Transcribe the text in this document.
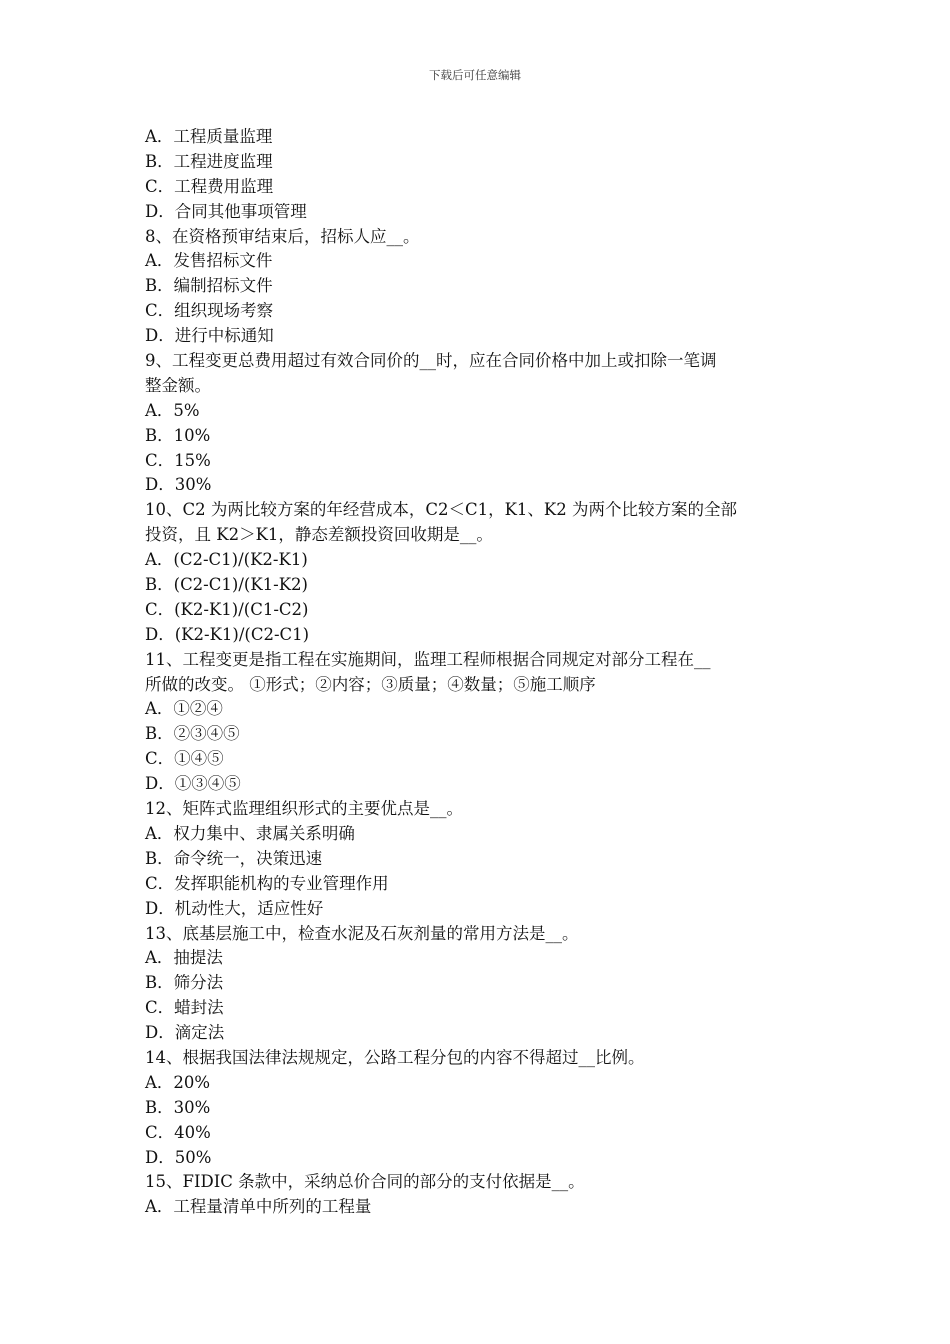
下载后可任意编辑
A．工程质量监理
B．工程进度监理
C．工程费用监理
D．合同其他事项管理
8、在资格预审结束后，招标人应__。
A．发售招标文件
B．编制招标文件
C．组织现场考察
D．进行中标通知
9、工程变更总费用超过有效合同价的__时，应在合同价格中加上或扣除一笔调
整金额。
A．5%
B．10%
C．15%
D．30%
10、C2 为两比较方案的年经营成本，C2＜C1，K1、K2 为两个比较方案的全部
投资，且 K2＞K1，静态差额投资回收期是__。
A．(C2-C1)/(K2-K1)
B．(C2-C1)/(K1-K2)
C．(K2-K1)/(C1-C2)
D．(K2-K1)/(C2-C1)
11、工程变更是指工程在实施期间，监理工程师根据合同规定对部分工程在__
所做的改变。 ①形式；②内容；③质量；④数量；⑤施工顺序
A．①②④
B．②③④⑤
C．①④⑤
D．①③④⑤
12、矩阵式监理组织形式的主要优点是__。
A．权力集中、隶属关系明确
B．命令统一，决策迅速
C．发挥职能机构的专业管理作用
D．机动性大，适应性好
13、底基层施工中，检查水泥及石灰剂量的常用方法是__。
A．抽提法
B．筛分法
C．蜡封法
D．滴定法
14、根据我国法律法规规定，公路工程分包的内容不得超过__比例。
A．20%
B．30%
C．40%
D．50%
15、FIDIC 条款中，采纳总价合同的部分的支付依据是__。
A．工程量清单中所列的工程量
